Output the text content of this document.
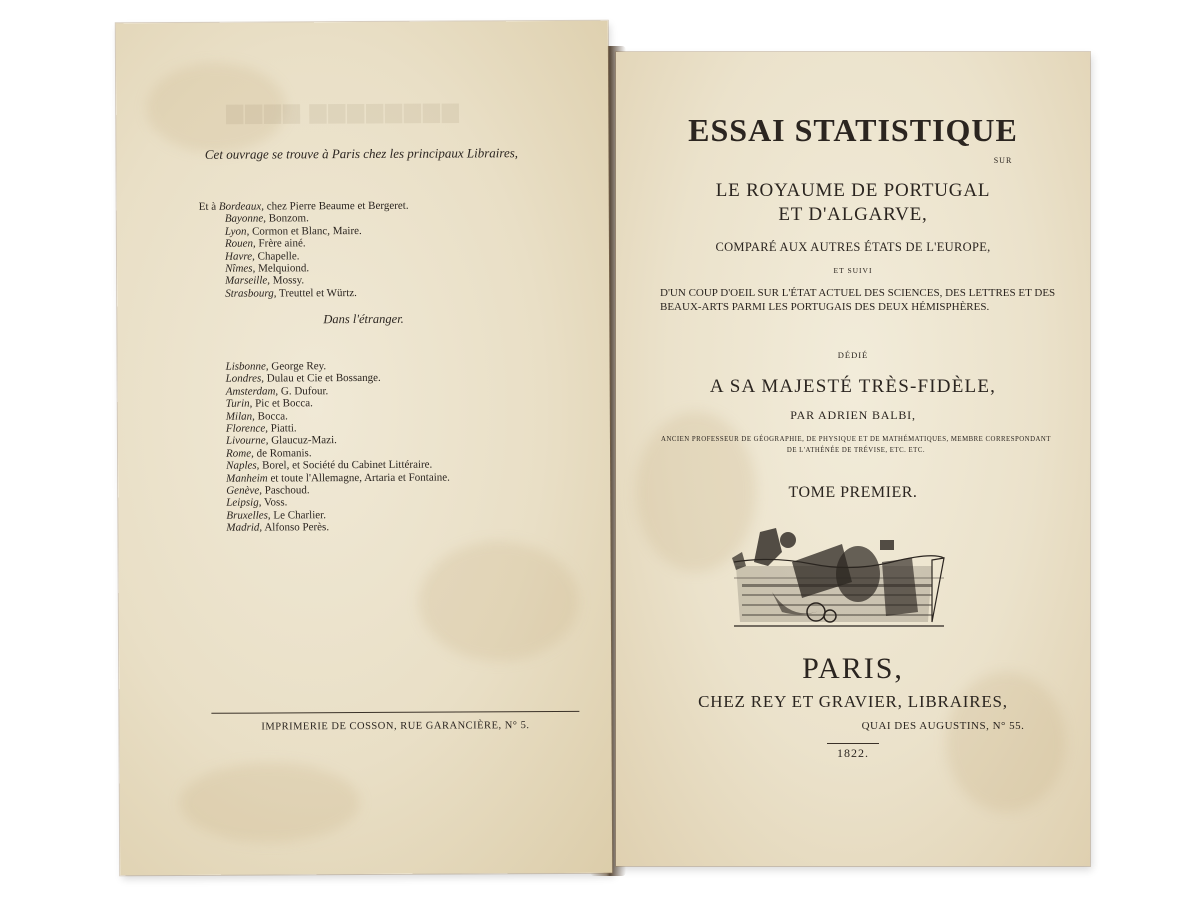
▆▆▆▆ ▆▆▆▆▆▆▆▆
Cet ouvrage se trouve à Paris chez les principaux Libraires,
Et à Bordeaux, chez Pierre Beaume et Bergeret.
Bayonne, Bonzom.
Lyon, Cormon et Blanc, Maire.
Rouen, Frère ainé.
Havre, Chapelle.
Nîmes, Melquiond.
Marseille, Mossy.
Strasbourg, Treuttel et Würtz.
Dans l'étranger.
Lisbonne, George Rey.
Londres, Dulau et Cie et Bossange.
Amsterdam, G. Dufour.
Turin, Pic et Bocca.
Milan, Bocca.
Florence, Piatti.
Livourne, Glaucuz-Mazi.
Rome, de Romanis.
Naples, Borel, et Société du Cabinet Littéraire.
Manheim et toute l'Allemagne, Artaria et Fontaine.
Genève, Paschoud.
Leipsig, Voss.
Bruxelles, Le Charlier.
Madrid, Alfonso Perès.
IMPRIMERIE DE COSSON, RUE GARANCIÈRE, N° 5.
ESSAI STATISTIQUE
SUR
LE ROYAUME DE PORTUGAL
ET D'ALGARVE,
COMPARÉ AUX AUTRES ÉTATS DE L'EUROPE,
ET SUIVI
D'UN COUP D'OEIL SUR L'ÉTAT ACTUEL DES SCIENCES, DES LETTRES ET DES BEAUX-ARTS PARMI LES PORTUGAIS DES DEUX HÉMISPHÈRES.
DÉDIÉ
A SA MAJESTÉ TRÈS-FIDÈLE,
PAR ADRIEN BALBI,
ANCIEN PROFESSEUR DE GÉOGRAPHIE, DE PHYSIQUE ET DE MATHÉMATIQUES, MEMBRE CORRESPONDANT DE L'ATHÉNÉE DE TRÉVISE, ETC. ETC.
TOME PREMIER.
PARIS,
CHEZ REY ET GRAVIER, LIBRAIRES,
QUAI DES AUGUSTINS, N° 55.
1822.
